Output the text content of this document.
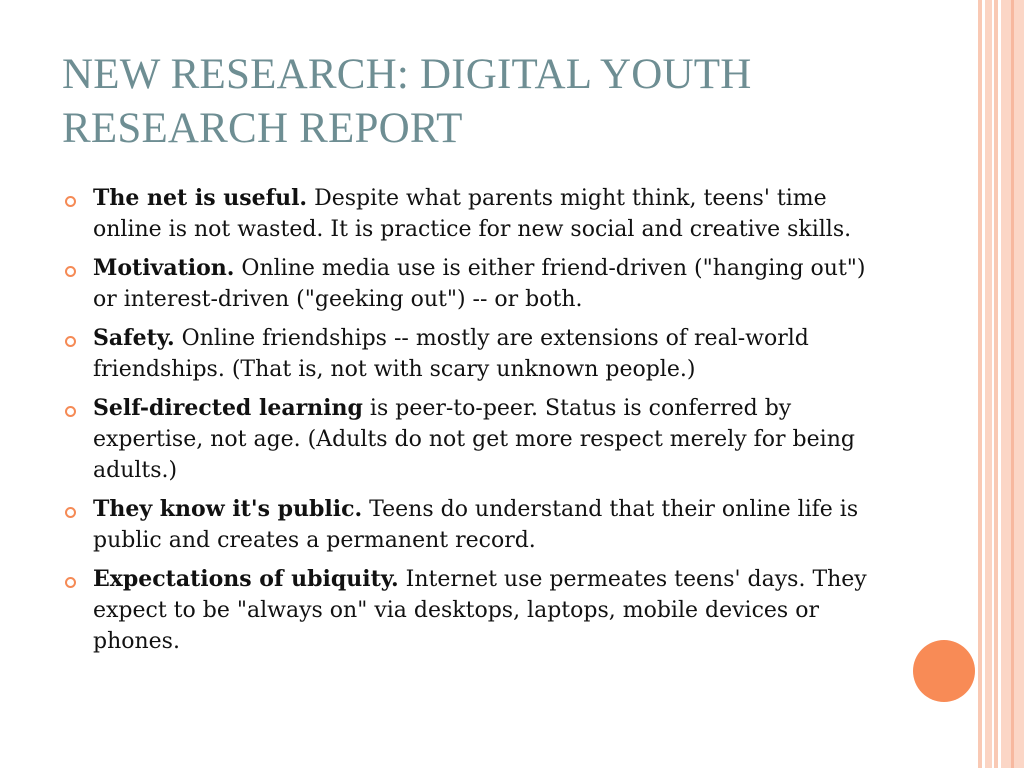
NEW RESEARCH: DIGITAL YOUTH RESEARCH REPORT
The net is useful. Despite what parents might think, teens' time online is not wasted. It is practice for new social and creative skills.
Motivation. Online media use is either friend-driven ("hanging out") or interest-driven ("geeking out") -- or both.
Safety. Online friendships -- mostly are extensions of real-world friendships. (That is, not with scary unknown people.)
Self-directed learning is peer-to-peer. Status is conferred by expertise, not age. (Adults do not get more respect merely for being adults.)
They know it's public. Teens do understand that their online life is public and creates a permanent record.
Expectations of ubiquity. Internet use permeates teens' days. They expect to be "always on" via desktops, laptops, mobile devices or phones.
